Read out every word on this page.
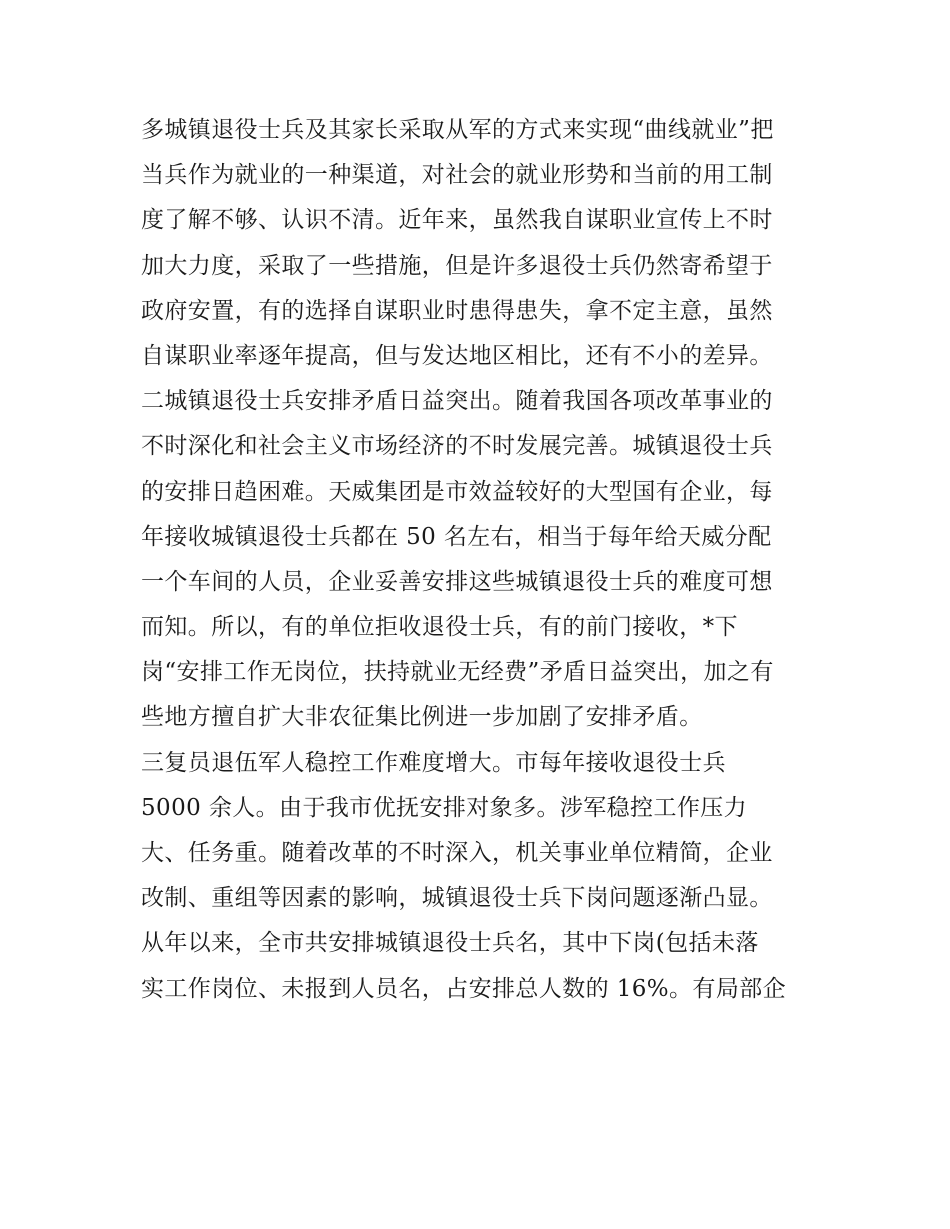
多城镇退役士兵及其家长采取从军的方式来实现“曲线就业”把
当兵作为就业的一种渠道，对社会的就业形势和当前的用工制
度了解不够、认识不清。近年来，虽然我自谋职业宣传上不时
加大力度，采取了一些措施，但是许多退役士兵仍然寄希望于
政府安置，有的选择自谋职业时患得患失，拿不定主意，虽然
自谋职业率逐年提高，但与发达地区相比，还有不小的差异。
二城镇退役士兵安排矛盾日益突出。随着我国各项改革事业的
不时深化和社会主义市场经济的不时发展完善。城镇退役士兵
的安排日趋困难。天威集团是市效益较好的大型国有企业，每
年接收城镇退役士兵都在 50 名左右，相当于每年给天威分配
一个车间的人员，企业妥善安排这些城镇退役士兵的难度可想
而知。所以，有的单位拒收退役士兵，有的前门接收，*下
岗“安排工作无岗位，扶持就业无经费”矛盾日益突出，加之有
些地方擅自扩大非农征集比例进一步加剧了安排矛盾。
三复员退伍军人稳控工作难度增大。市每年接收退役士兵
5000 余人。由于我市优抚安排对象多。涉军稳控工作压力
大、任务重。随着改革的不时深入，机关事业单位精简，企业
改制、重组等因素的影响，城镇退役士兵下岗问题逐渐凸显。
从年以来，全市共安排城镇退役士兵名，其中下岗(包括未落
实工作岗位、未报到人员名，占安排总人数的 16%。有局部企
